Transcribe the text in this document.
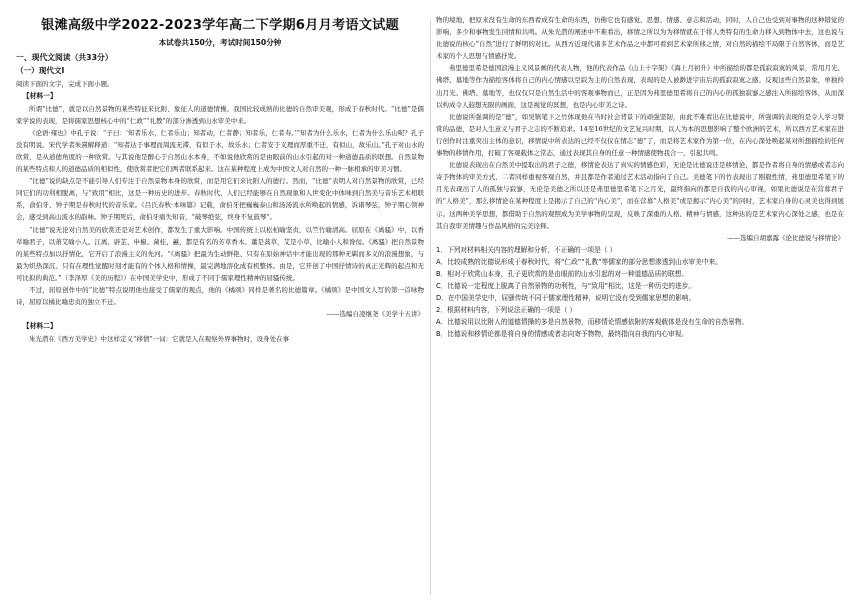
银滩高级中学2022-2023学年高二下学期6月月考语文试题
本试卷共150分，考试时间150分钟
一、现代文阅读（共33分）
（一）现代文Ⅰ

阅读下面的文字，完成下面小题。

【材料一】

所谓“比德”，就是以自然景物的某些特征来比附、象征人的道德情操。我国比较成熟的比德的自然审美观，形成于春秋时代。“比德”是儒家学说的表现，是将儒家思想核心中的“仁政”“礼教”的部分渗透到山水审美中来。

《论语·雍也》中孔子说：“子曰：‘知者乐水，仁者乐山；知者动，仁者静；知者乐，仁者寿。’”知者为什么乐水，仁者为什么乐山呢？孔子没有明说。宋代学者朱熹解释道：“知者达于事理而周流无滞，有似于水，故乐水；仁者安于义理而厚重不迁，有似山，故乐山。”孔子对山水的欣赏，是从道德角度的一种欣赏。与其说他是醉心于自然山水本身，不如说他欣赏的是由眼前的山水引起的对一种道德品质的联想。自然景物的某些特点和人的道德品质的相似性，使欣赏者把它们两者联系起来。这在某种程度上成为中国文人对自然的一种一脉相承的审美习惯。

“比德”说的缺点是不能引导人们专注于自然景物本身的欣赏，而是用它们来比附人的德行。然而，“比德”表明人对自然景物的欣赏，已经同它们的功利相脱离，与“致用”相比，这是一种历史的进步。春秋时代，人们已经能够在自然现象和人世变化中体味到自然美与音乐艺术相联系，俞伯牙、钟子期是春秋时代的音乐家。《吕氏春秋·本味篇》记载，俞伯牙把巍巍泰山和汤汤流水所唤起的情感，诉诸琴弦，钟子期心领神会，感受到高山流水的韵味。钟子期死后，俞伯牙痛失知音，“破琴绝弦，终身不复鼓琴”。

“比德”说无论对自然美的欣赏还是对艺术创作，都发生了重大影响。中国传统上以松柏喻坚贞，以竺竹喻清高。屈原在《离骚》中，以香草喻君子，以萧艾喻小人。江离、辟芷、申椒、菌桂、蕙，都是有名的芳草香木。蕭是蒿草，艾是小草，比喻小人和谗佞。《离骚》把自然景物的某些特点加以抒情化，它开启了浪漫主义的先河。“《离骚》把最为生动鲜艳、只有在原始神话中才能出现的那种无羁而多义的浪漫想象，与最为炽热深沉、只有在理性觉醒时刻才能有的个体人格和情操，最完满地溶化成有机整体。由是，它开创了中国抒情诗的真正光辉的起点和无可比拟的典范。”（李泽厚《美的历程》）在中国美学史中，形成了不同于儒家理性精神的屈骚传统。

不过，屈原创作中的“比德”特点说明他也接受了儒家的观点，他的《橘颂》同样是著名的比德篇章。《橘颂》是中国文人写的第一首咏物诗，屈原以橘比喻忠贞的独立不迁。

——选编自凌继尧《美学十五讲》

【材料二】

朱光潜在《西方美学史》中这样定义“移情”一词：它就是人在观察外界事物时，设身处在事

物的境地，把原来没有生命的东西看成有生命的东西，仿佛它也有感觉、思想、情感、意志和活动，同时，人自己也受到对事物的这种错觉的影响，多少和事物发生同情和共鸣。从朱光潜的阐述中不难看出，移情之所以为为移情就在于将人类特有的生命力移入到物体中去，这也说与比德说的核心“自然”进行了鲜明的对比。从西方近现代诸多艺术作品之中都可看到艺术家所移之情，对自然的描绘不局限于自然客体，而是艺术家的个人思想与情感抒发。

弗里德里希是德国浪漫主义风景画的代表人物，他的代表作品《山上十字架》《海上月初升》中所描绘的都是孤寂寂寞的风景，常用月光、佛塔、墓地等作为描绘客体将自己的内心情感以空寂为主的自然表现，表现的是人被渺进宇宙后的孤寂寂寞之感。反观这些自然景象，单独拎出月光、佛塔、墓地等，也仅仅只是自然生活中的客观事物而已，正是因为弗里德里希将自己的内心的孤独寂寥之感注入所描绘客体，从而深以构成令人遐想无限的画面，这是视觉的冥想，也是内心审美之诗。

比德说所强调的是“德”，如吴镇笔下之竹体现他在当时社会背景下的顽强坚韧，由此不难看出在比德说中，所强调的表现的是令人学习赞赏的品德，是对人生意义与君子之志的不断追求。14至16世纪的文艺复兴时期，以人为本的思想影响了整个欧洲的艺术，所以西方艺术家在进行创作时注重突出主体的意识，移情说中所表达的已经不仅仅在情志“德”了，而是将艺术家作为第一位，在内心深处唤起某对所想描绘的任何事物的移情作用，打破了客观载体之常态，通过表现其自身的任意一种情感使物我合一，引起共鸣。

比德说表现出在自然美中提取出的君子之德，移情论表达了真实的情感色彩，无论是比德说还是移情论，都是作者将自身的情感或者志向寄予物体的审美方式，二者同样重视客观自然，并且都是作者通过艺术活动指向了自己。美德笔下的竹表现出了刚毅性情，弗里德里希笔下的月光表现出了人的孤独与寂寥，无论是美德之所以还是弗里德里希笔下之月光，最终指向的都是自我的内心审视，如果比德说是在营募君子的“人格美”，那么移情论在某种程度上是揭示了自己的“内心美”，而在营募“人格美”或是揭示“内心美”的同时，艺术家自身的心灵美也得到展示。这两种美学思想，都借助于自然的观照成为美学事物的呈现，反映了深重的人格、精神与情感，这种达的是艺术家内心深处之感，也是在其自我审美情趣与作品风格的完美诠释。

——选编自胡嘉露《论比德说与移情论》

1．下列对材料相关内容的理解和分析，不正确的一项是（ ）

A．比较成熟的比德说形成于春秋时代，将“仁政”“礼教”等儒家的部分思想渗透到山水审美中来。

B．相对于欣赏山本身，孔子更欣赏的是由眼前的山水引起的对一种道德品质的联想。

C．比德说一定程度上脱离了自然景物的功利性，与“致用”相比，这是一种历史的进步。

D．在中国美学史中，屈骚传统不同于儒家理性精神，说明它没有受到儒家思想的影响。

2．根据材料内容，下列说法正确的一项是（ ）

A．比德说用以比附人的道德情操的多是自然景物，而移情论情感依附的客观载体是没有生命的自然景物。

B．比德说和移情论都是将自身的情感或者志向寄予物物，最终指向自我的内心审视。
